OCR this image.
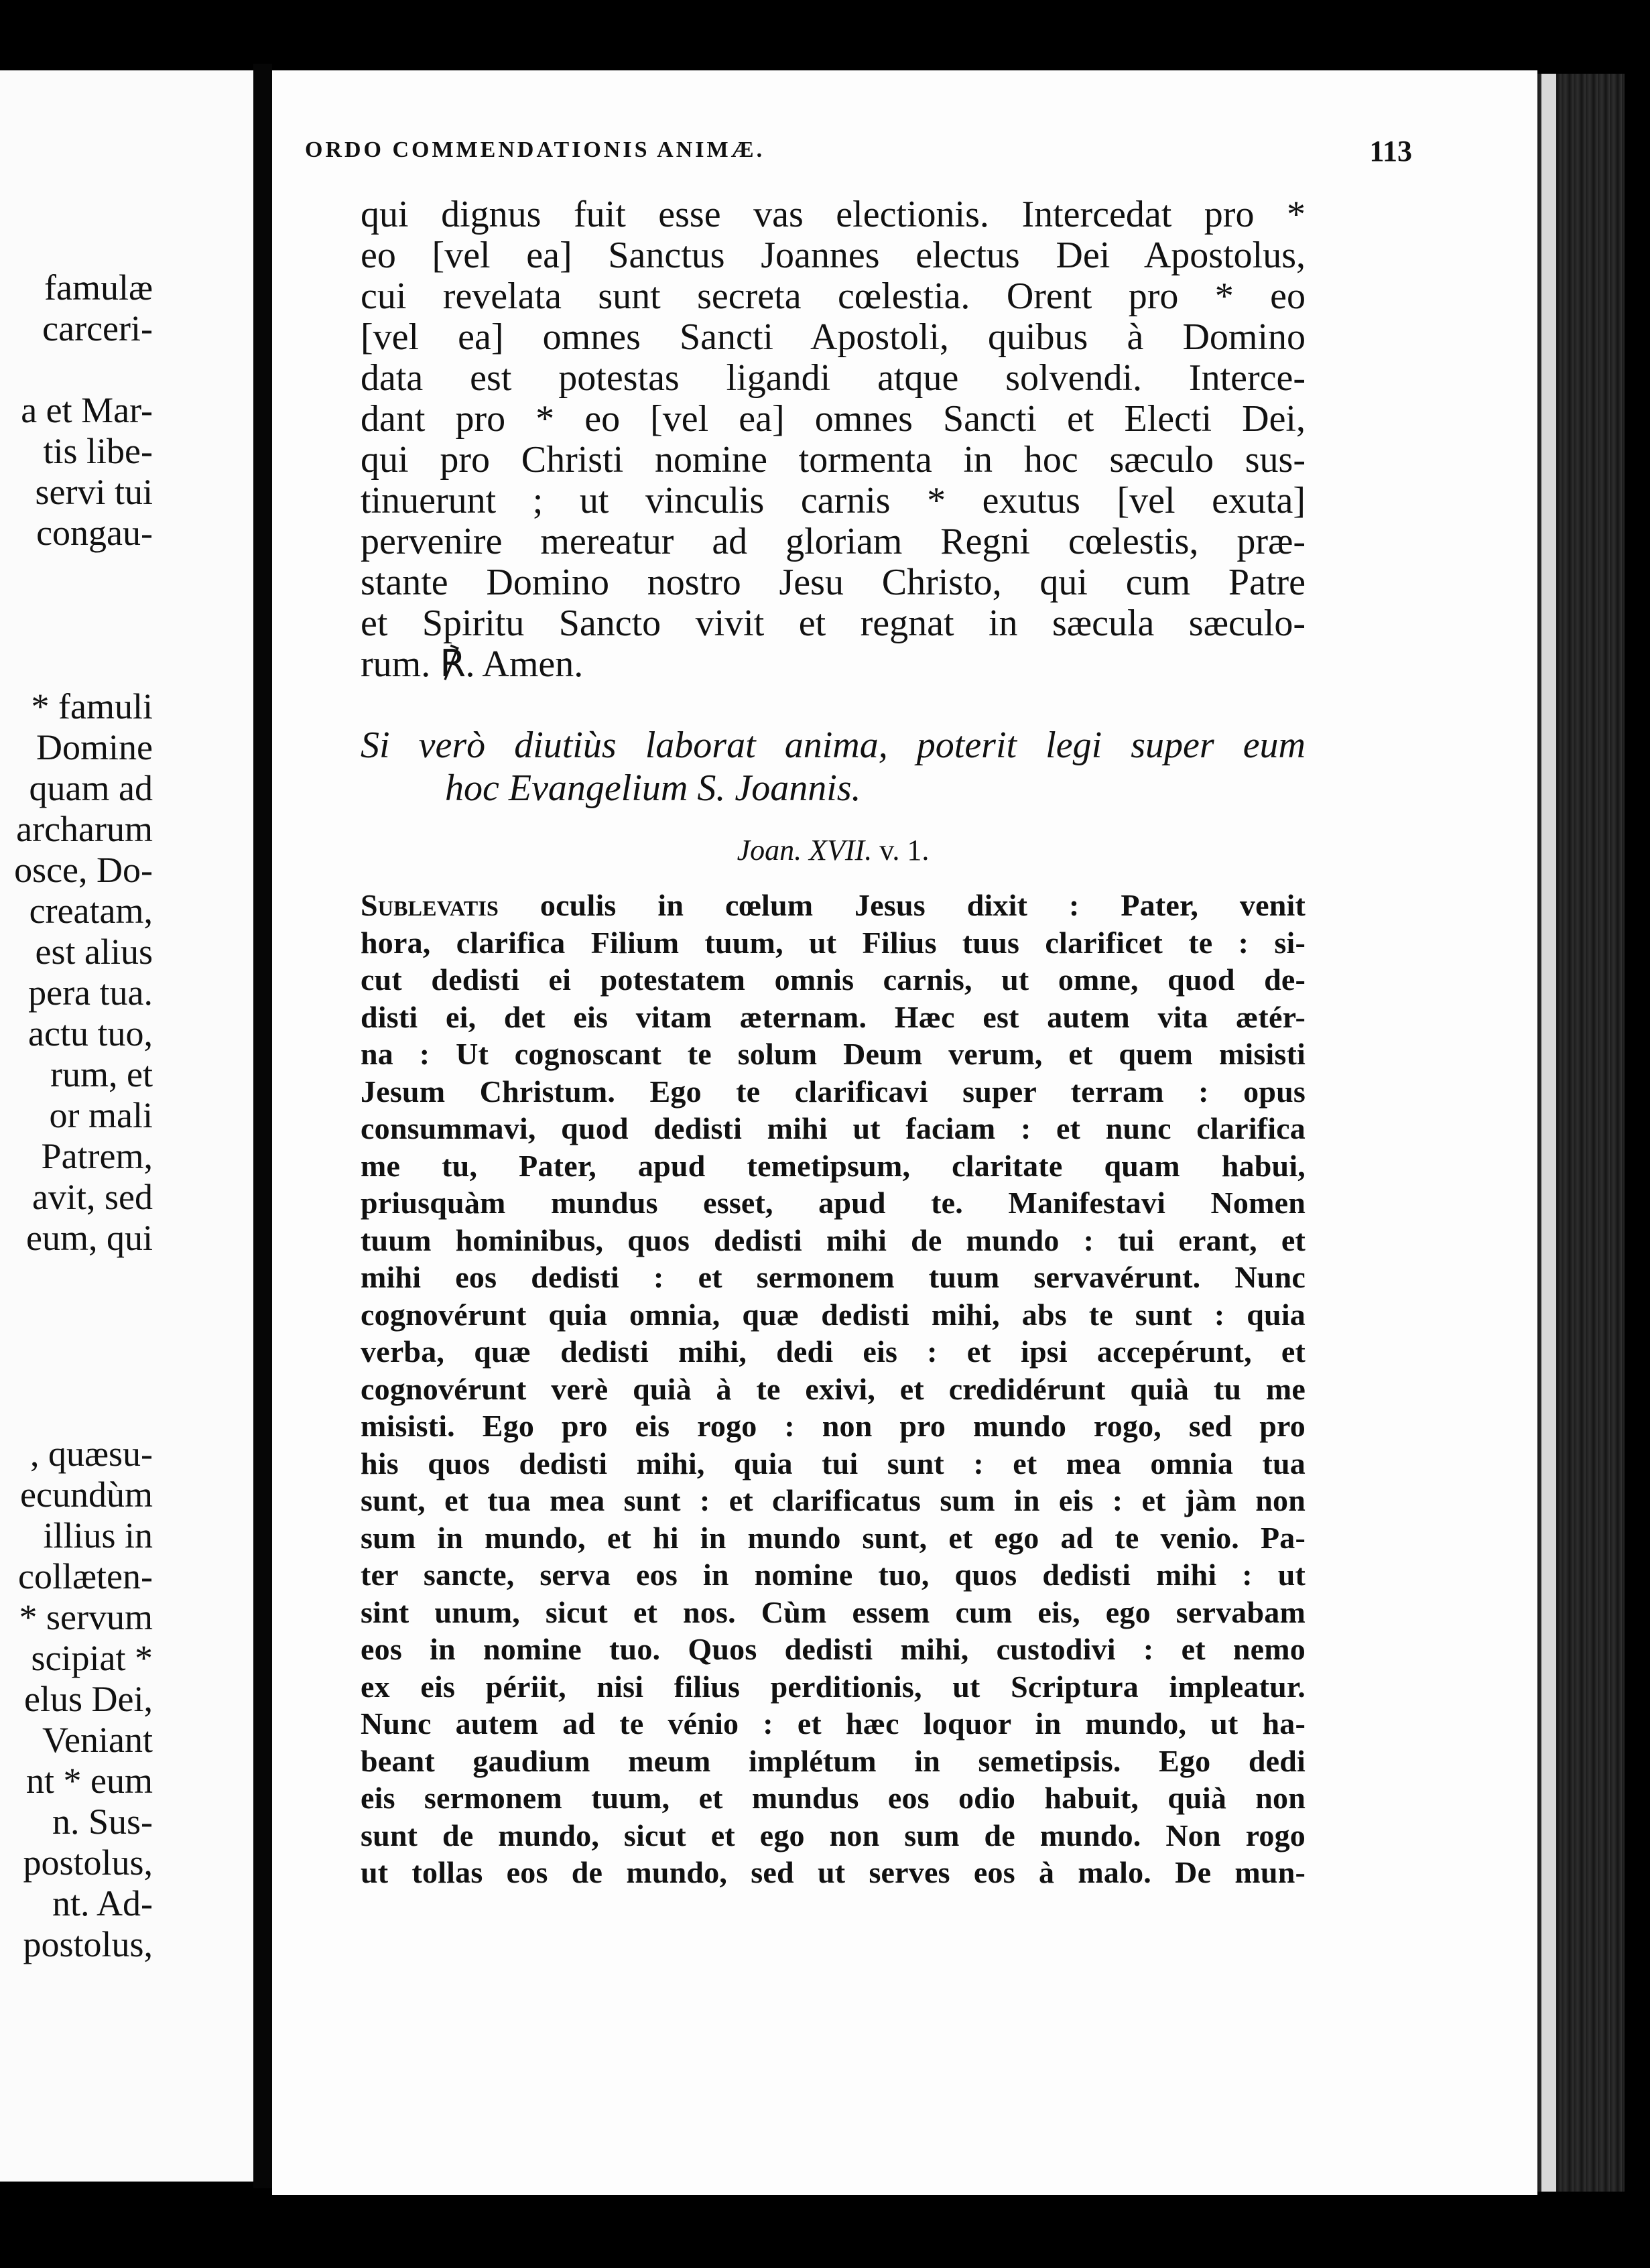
famulæ
carceri-
a et Mar-
tis libe-
servi tui
congau-
* famuli
Domine
quam ad
archarum
osce, Do-
creatam,
est alius
pera tua.
actu tuo,
rum, et
or mali
Patrem,
avit, sed
eum, qui
, quæsu-
ecundùm
illius in
collæten-
* servum
scipiat *
elus Dei,
Veniant
nt * eum
n. Sus-
postolus,
nt. Ad-
postolus,
ORDO COMMENDATIONIS ANIMÆ.	113
qui dignus fuit esse vas electionis. Intercedat pro *
eo [vel ea] Sanctus Joannes electus Dei Apostolus,
cui revelata sunt secreta cœlestia. Orent pro * eo
[vel ea] omnes Sancti Apostoli, quibus à Domino
data est potestas ligandi atque solvendi. Interce-
dant pro * eo [vel ea] omnes Sancti et Electi Dei,
qui pro Christi nomine tormenta in hoc sæculo sus-
tinuerunt ; ut vinculis carnis * exutus [vel exuta]
pervenire mereatur ad gloriam Regni cœlestis, præ-
stante Domino nostro Jesu Christo, qui cum Patre
et Spiritu Sancto vivit et regnat in sæcula sæculo-
rum. ℟. Amen.
Si verò diutiùs laborat anima, poterit legi super eum
hoc Evangelium S. Joannis.
Joan. XVII. v. 1.
Sublevatis oculis in cœlum Jesus dixit : Pater, venit
hora, clarifica Filium tuum, ut Filius tuus clarificet te : si-
cut dedisti ei potestatem omnis carnis, ut omne, quod de-
disti ei, det eis vitam æternam. Hæc est autem vita ætér-
na : Ut cognoscant te solum Deum verum, et quem misisti
Jesum Christum. Ego te clarificavi super terram : opus
consummavi, quod dedisti mihi ut faciam : et nunc clarifica
me tu, Pater, apud temetipsum, claritate quam habui,
priusquàm mundus esset, apud te. Manifestavi Nomen
tuum hominibus, quos dedisti mihi de mundo : tui erant, et
mihi eos dedisti : et sermonem tuum servavérunt. Nunc
cognovérunt quia omnia, quæ dedisti mihi, abs te sunt : quia
verba, quæ dedisti mihi, dedi eis : et ipsi accepérunt, et
cognovérunt verè quià à te exivi, et credidérunt quià tu me
misisti. Ego pro eis rogo : non pro mundo rogo, sed pro
his quos dedisti mihi, quia tui sunt : et mea omnia tua
sunt, et tua mea sunt : et clarificatus sum in eis : et jàm non
sum in mundo, et hi in mundo sunt, et ego ad te venio. Pa-
ter sancte, serva eos in nomine tuo, quos dedisti mihi : ut
sint unum, sicut et nos. Cùm essem cum eis, ego servabam
eos in nomine tuo. Quos dedisti mihi, custodivi : et nemo
ex eis périit, nisi filius perditionis, ut Scriptura impleatur.
Nunc autem ad te vénio : et hæc loquor in mundo, ut ha-
beant gaudium meum implétum in semetipsis. Ego dedi
eis sermonem tuum, et mundus eos odio habuit, quià non
sunt de mundo, sicut et ego non sum de mundo. Non rogo
ut tollas eos de mundo, sed ut serves eos à malo. De mun-
